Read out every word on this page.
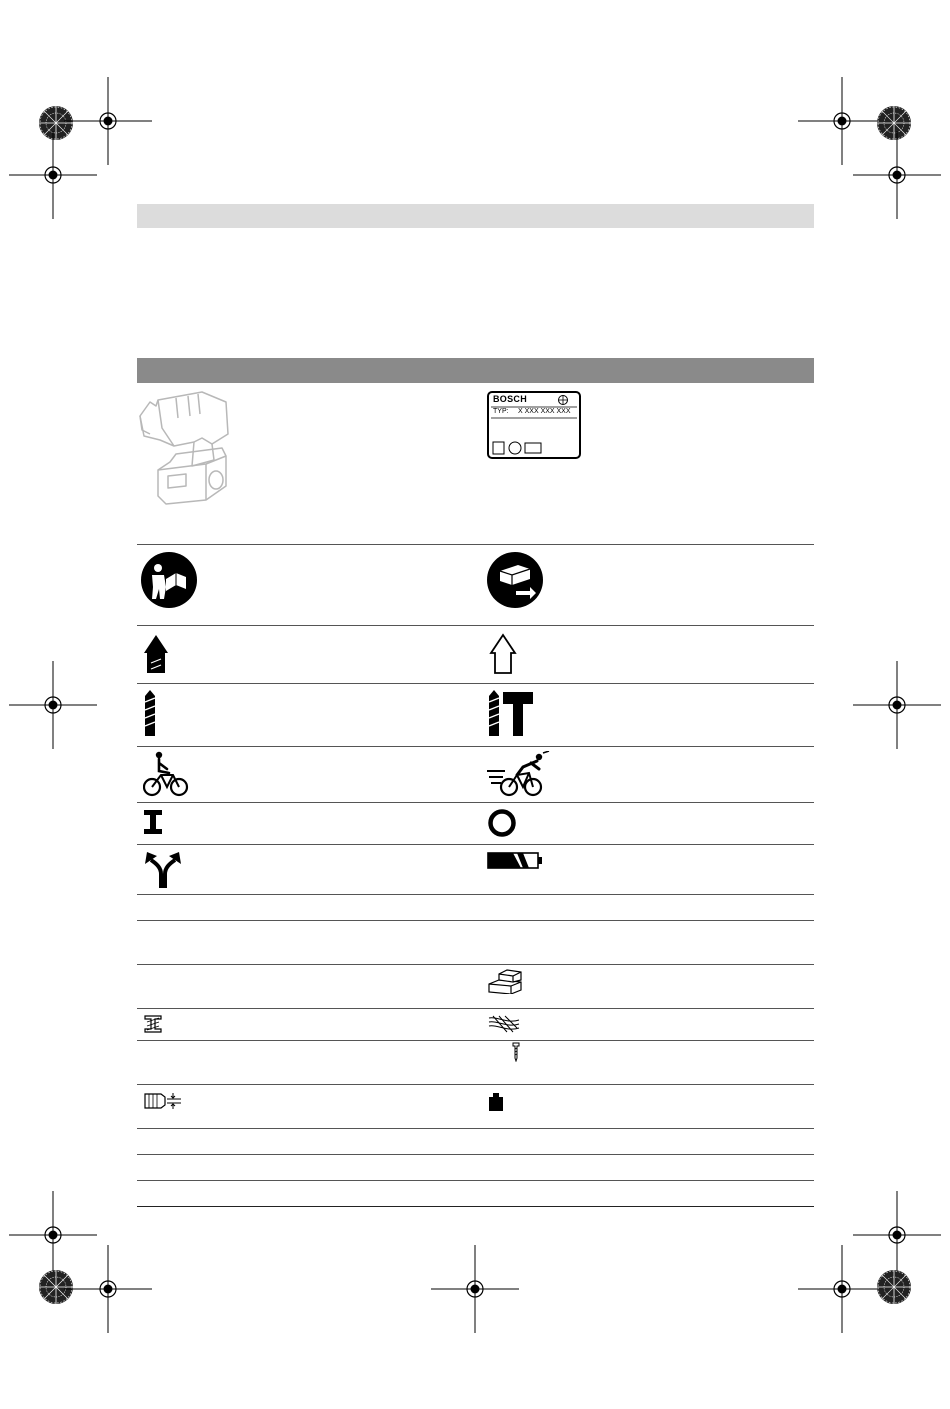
BOSCH
TYP: X XXX XXX XXX
